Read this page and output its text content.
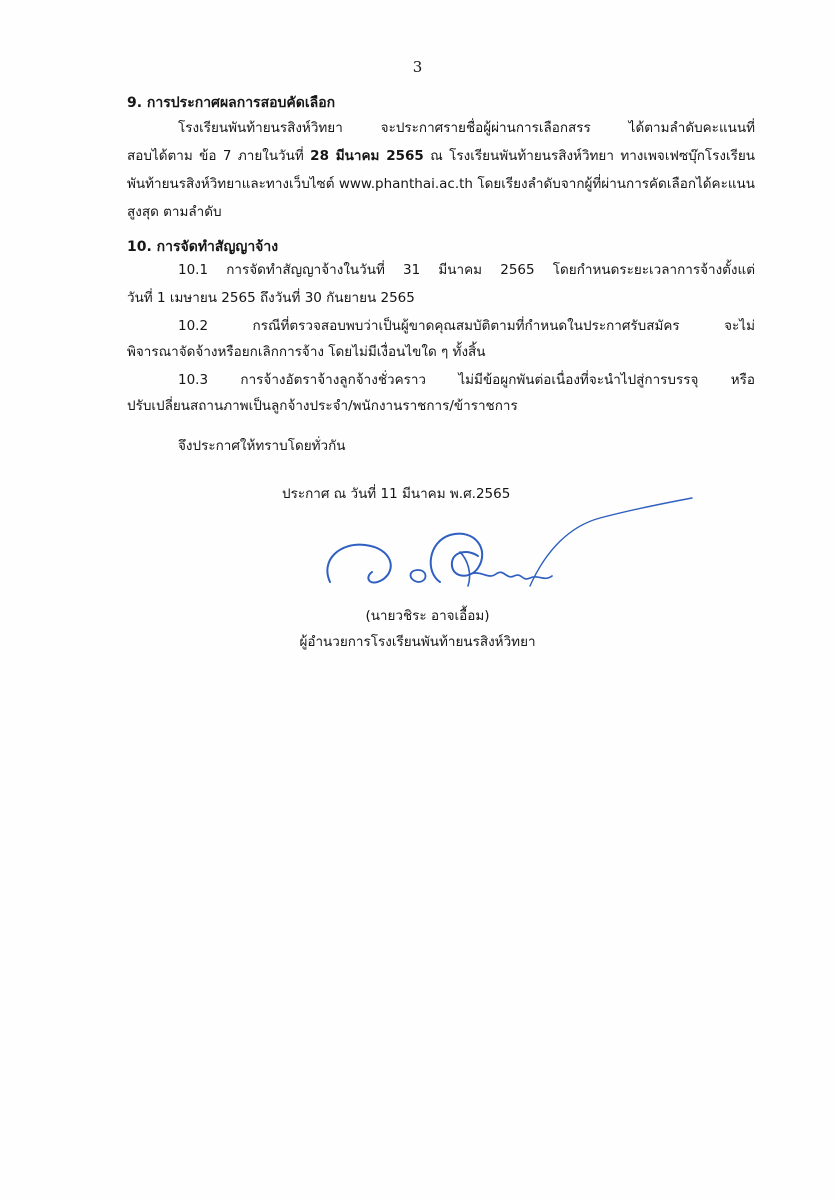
3
9. การประกาศผลการสอบคัดเลือก
โรงเรียนพันท้ายนรสิงห์วิทยา จะประกาศรายชื่อผู้ผ่านการเลือกสรร ได้ตามลำดับคะแนนที่
สอบได้ตาม ข้อ 7 ภายในวันที่ 28 มีนาคม 2565 ณ โรงเรียนพันท้ายนรสิงห์วิทยา ทางเพจเฟซบุ๊กโรงเรียน
พันท้ายนรสิงห์วิทยาและทางเว็บไซต์ www.phanthai.ac.th โดยเรียงลำดับจากผู้ที่ผ่านการคัดเลือกได้คะแนน
สูงสุด ตามลำดับ
10. การจัดทำสัญญาจ้าง
10.1 การจัดทำสัญญาจ้างในวันที่ 31 มีนาคม 2565 โดยกำหนดระยะเวลาการจ้างตั้งแต่
วันที่ 1 เมษายน 2565 ถึงวันที่ 30 กันยายน 2565
10.2 กรณีที่ตรวจสอบพบว่าเป็นผู้ขาดคุณสมบัติตามที่กำหนดในประกาศรับสมัคร จะไม่
พิจารณาจัดจ้างหรือยกเลิกการจ้าง โดยไม่มีเงื่อนไขใด ๆ ทั้งสิ้น
10.3 การจ้างอัตราจ้างลูกจ้างชั่วคราว ไม่มีข้อผูกพันต่อเนื่องที่จะนำไปสู่การบรรจุ หรือ
ปรับเปลี่ยนสถานภาพเป็นลูกจ้างประจำ/พนักงานราชการ/ข้าราชการ
จึงประกาศให้ทราบโดยทั่วกัน
ประกาศ ณ วันที่ 11 มีนาคม พ.ศ.2565
(นายวชิระ อาจเอื้อม)
ผู้อำนวยการโรงเรียนพันท้ายนรสิงห์วิทยา
